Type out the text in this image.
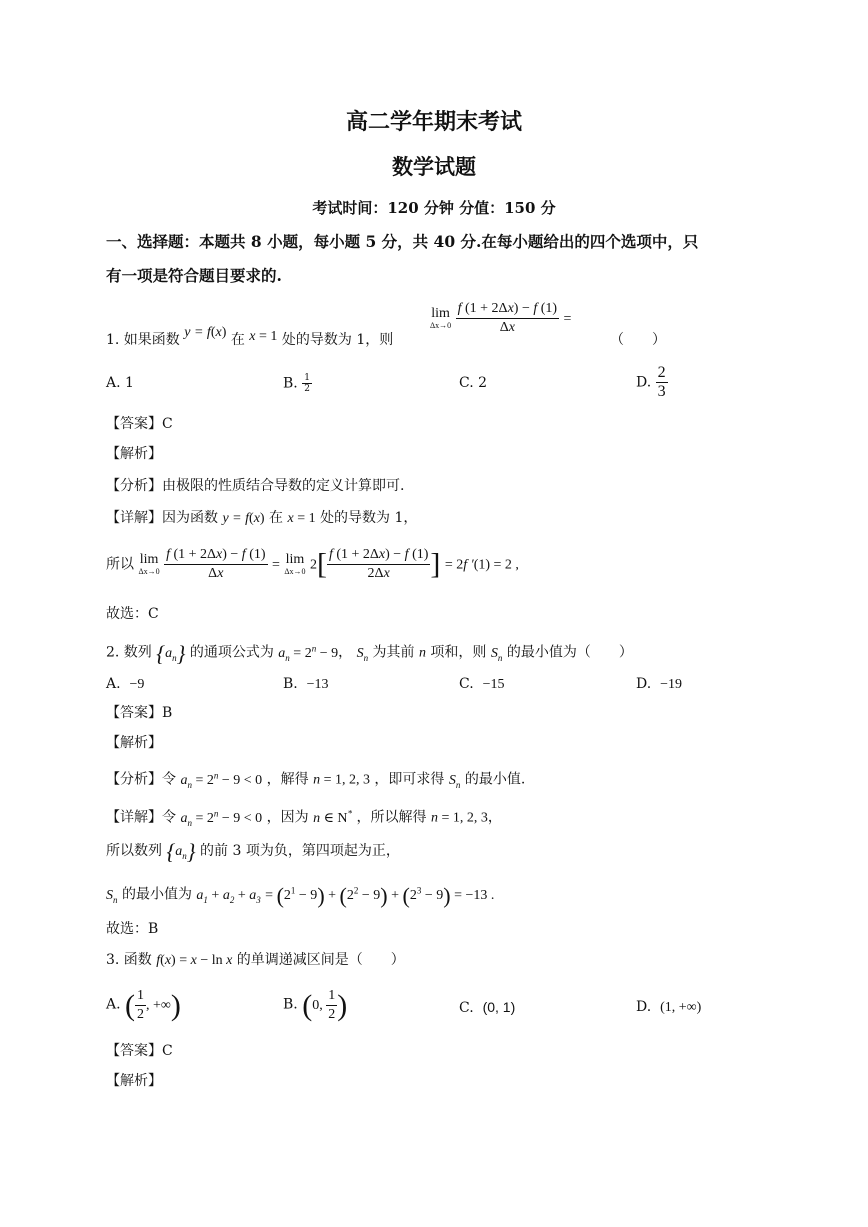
高二学年期末考试
数学试题
考试时间：120 分钟 分值：150 分
一、选择题：本题共 8 小题，每小题 5 分，共 40 分.在每小题给出的四个选项中，只
有一项是符合题目要求的.
1. 如果函数 y = f(x) 在 x = 1 处的导数为 1，则
lim
Δx→0
$\frac{f (1 + 2\Delta x) - f (1)}{\Delta x}$ =
（　　）
A. 1	B. $\frac{1}{2}$	C. 2	D. $\frac{2}{3}$
【答案】C
【解析】
【分析】由极限的性质结合导数的定义计算即可.
【详解】因为函数 y = f(x) 在 x = 1 处的导数为 1，
所以 lim
Δx→0
$\frac{f (1 + 2\Delta x) - f (1)}{\Delta x} = \lim$
Δx→0 $2[ \frac{f (1 + 2\Delta x) - f (1)}{2\Delta x}$ ] = 2f ′(1) = 2 ,
故选：C
2. 数列 $\{a_n\}$ 的通项公式为 $a_n = 2^n - 9$， $S_n$ 为其前 n 项和，则 $S_n$ 的最小值为（　　）
A. −9	B. −13	C. −15	D. −19
【答案】B
【解析】
【分析】令 $a_n = 2^n - 9 < 0$ ，解得 n = 1, 2, 3 ，即可求得 $S_n$ 的最小值.
【详解】令 $a_n = 2^n - 9 < 0$ ，因为 n ∈ N* ，所以解得 n = 1, 2, 3，
所以数列 $\{a_n\}$ 的前 3 项为负，第四项起为正，
$S_n$ 的最小值为 $a_1 + a_2 + a_3 = (2^1 - 9) + (2^2 - 9) + (2^3 - 9) = -13$ .
故选：B
3. 函数 f(x) = x − ln x 的单调递减区间是（　　）
A. ( $\frac{1}{2}$ , +∞)	B. (0, $\frac{1}{2}$ )	C. (0, 1)	D. (1, +∞)
【答案】C
【解析】
